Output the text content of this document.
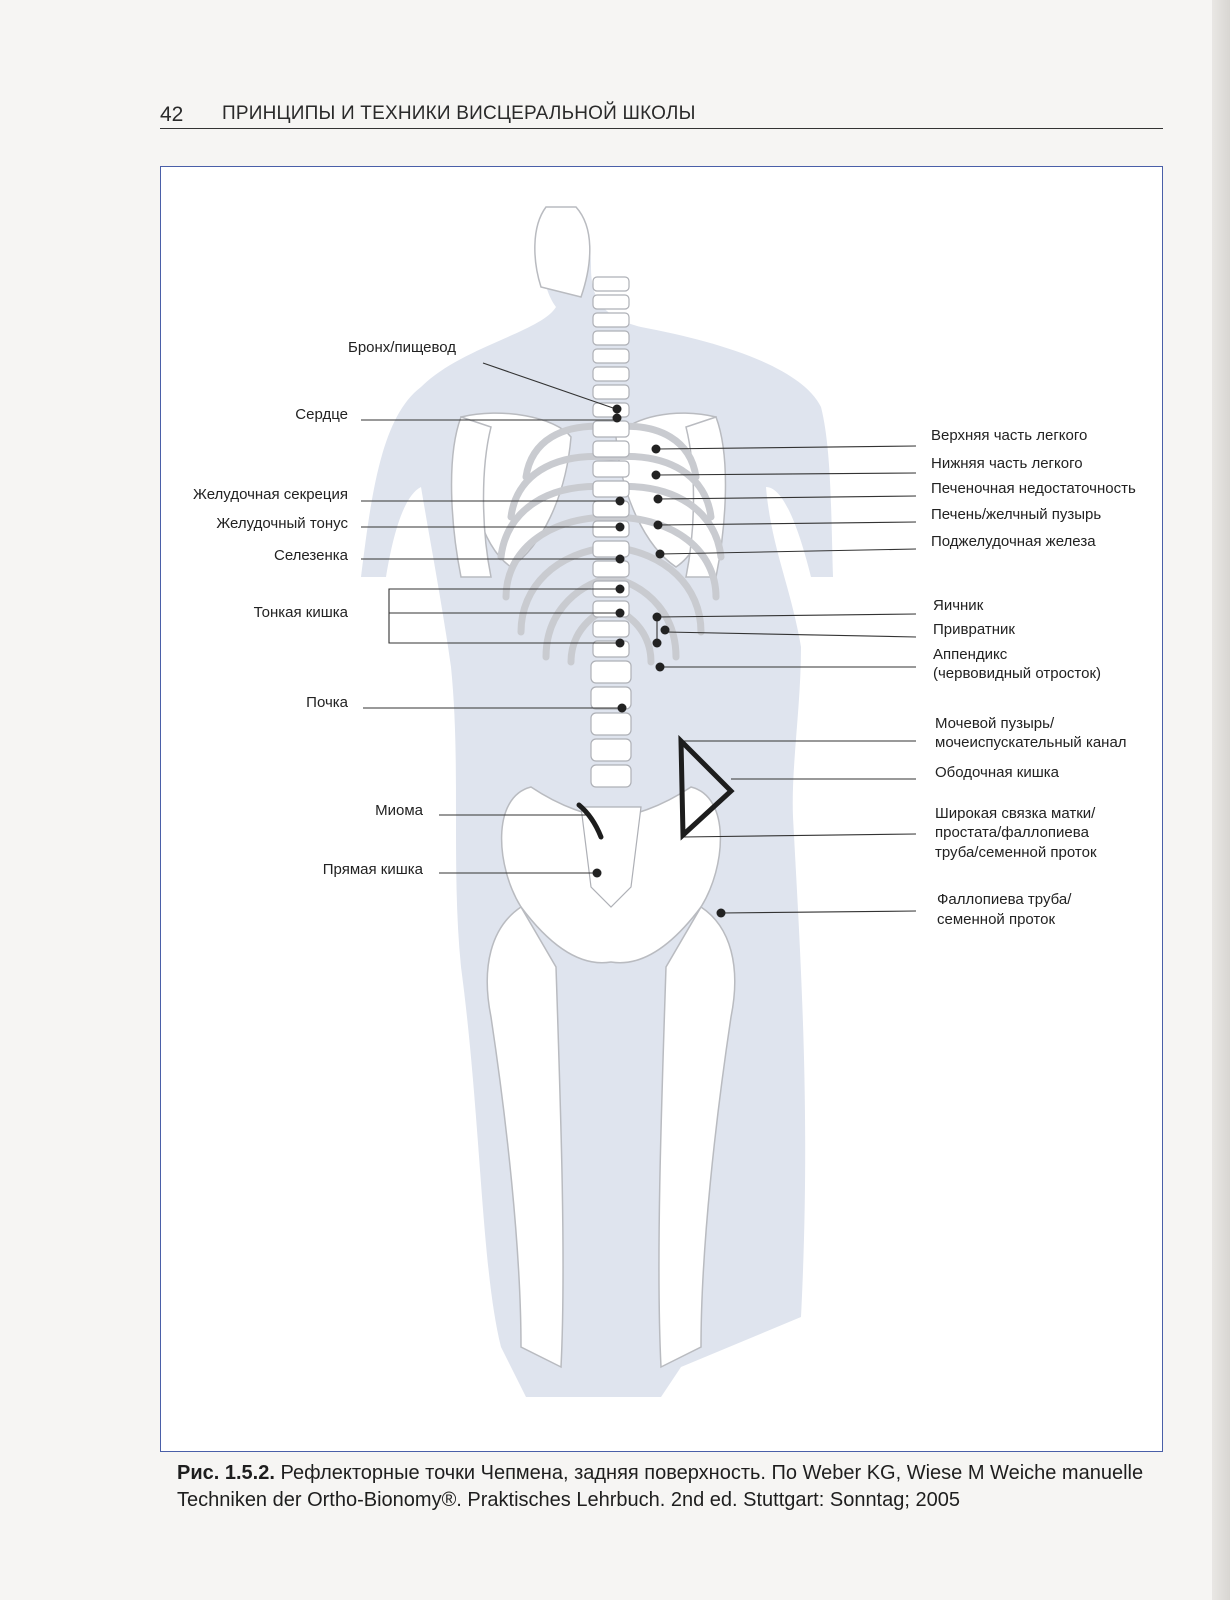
42 ПРИНЦИПЫ И ТЕХНИКИ ВИСЦЕРАЛЬНОЙ ШКОЛЫ
Бронх/пищевод
Сердце
Желудочная секреция
Желудочный тонус
Селезенка
Тонкая кишка
Почка
Миома
Прямая кишка
Верхняя часть легкого
Нижняя часть легкого
Печеночная недостаточность
Печень/желчный пузырь
Поджелудочная железа
Яичник
Привратник
Аппендикс
(червовидный отросток)
Мочевой пузырь/
мочеиспускательный канал
Ободочная кишка
Широкая связка матки/
простата/фаллопиева
труба/семенной проток
Фаллопиева труба/
семенной проток
Рис. 1.5.2. Рефлекторные точки Чепмена, задняя поверхность. По Weber KG, Wiese M Weiche manuelle Techniken der Ortho-Bionomy®. Praktisches Lehrbuch. 2nd ed. Stuttgart: Sonntag; 2005
